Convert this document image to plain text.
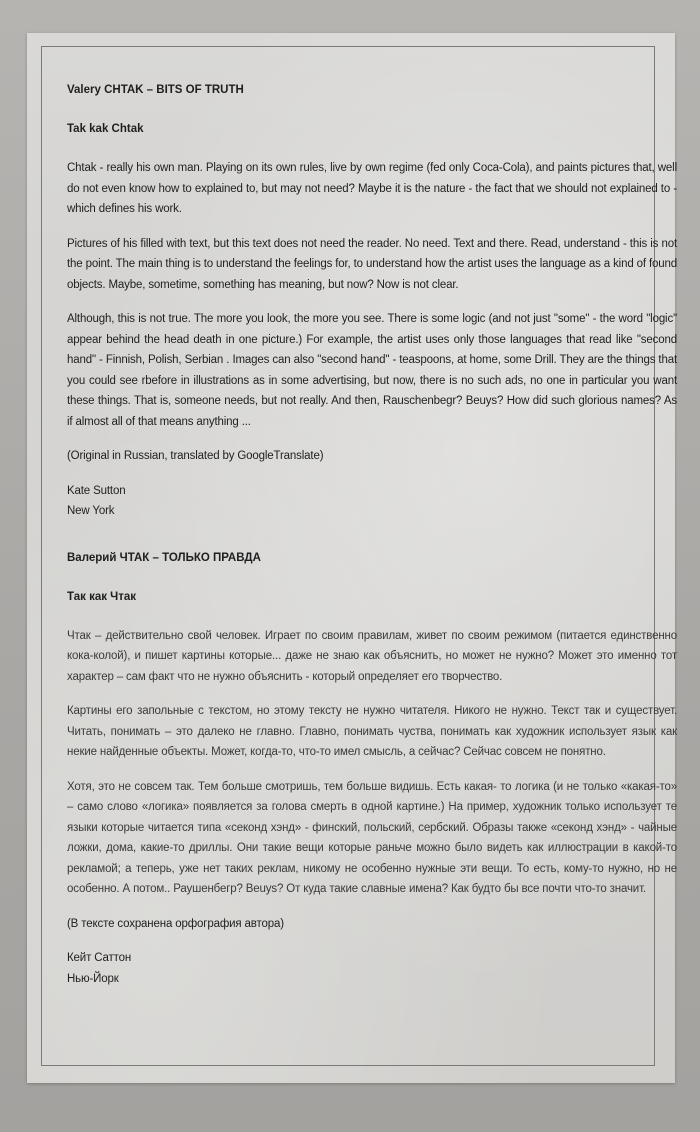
Valery CHTAK – BITS OF TRUTH

Tak kak Chtak

Chtak - really his own man. Playing on its own rules, live by own regime (fed only Coca-Cola), and paints pictures that, well do not even know how to explained to, but may not need? Maybe it is the nature - the fact that we should not explained to - which defines his work.

Pictures of his filled with text, but this text does not need the reader. No need. Text and there. Read, understand - this is not the point. The main thing is to understand the feelings for, to understand how the artist uses the language as a kind of found objects. Maybe, sometime, something has meaning, but now? Now is not clear.

Although, this is not true. The more you look, the more you see. There is some logic (and not just "some" - the word "logic" appear behind the head death in one picture.) For example, the artist uses only those languages that read like "second hand" - Finnish, Polish, Serbian . Images can also "second hand" - teaspoons, at home, some Drill. They are the things that you could see rbefore in illustrations as in some advertising, but now, there is no such ads, no one in particular you want these things. That is, someone needs, but not really. And then, Rauschenbegr? Beuys? How did such glorious names? As if almost all of that means anything ...

(Original in Russian, translated by GoogleTranslate)

Kate Sutton

New York

Валерий ЧТАК – ТОЛЬКО ПРАВДА

Так как Чтак

Чтак – действительно свой человек. Играет по своим правилам, живет по своим режимом (питается единственно кока-колой), и пишет картины которые... даже не знаю как объяснить, но может не нужно? Может это именно тот характер – сам факт что не нужно объяснить - который определяет его творчество.

Картины его запольные с текстом, но этому тексту не нужно читателя. Никого не нужно. Текст так и существует. Читать, понимать – это далеко не главно. Главно, понимать чуства, понимать как художник использует язык как некие найденные объекты. Может, когда-то, что-то имел смысль, а сейчас? Сейчас совсем не понятно.

Хотя, это не совсем так. Тем больше смотришь, тем больше видишь. Есть какая- то логика (и не только «какая-то» – само слово «логика» появляется за голова смерть в одной картине.) На пример, художник только использует те языки которые читается типа «секонд хэнд» - финский, польский, сербский. Образы также «секонд хэнд» - чайные ложки, дома, какие-то дриллы. Они такие вещи которые раньче можно было видеть как иллюстрации в какой-то рекламой; а теперь, уже нет таких реклам, никому не особенно нужные эти вещи. То есть, кому-то нужно, но не особенно. А потом.. Раушенбегр? Beuys? От куда такие славные имена? Как будто бы все почти что-то значит.

(В тексте сохранена орфография автора)

Кейт Саттон

Нью-Йорк
